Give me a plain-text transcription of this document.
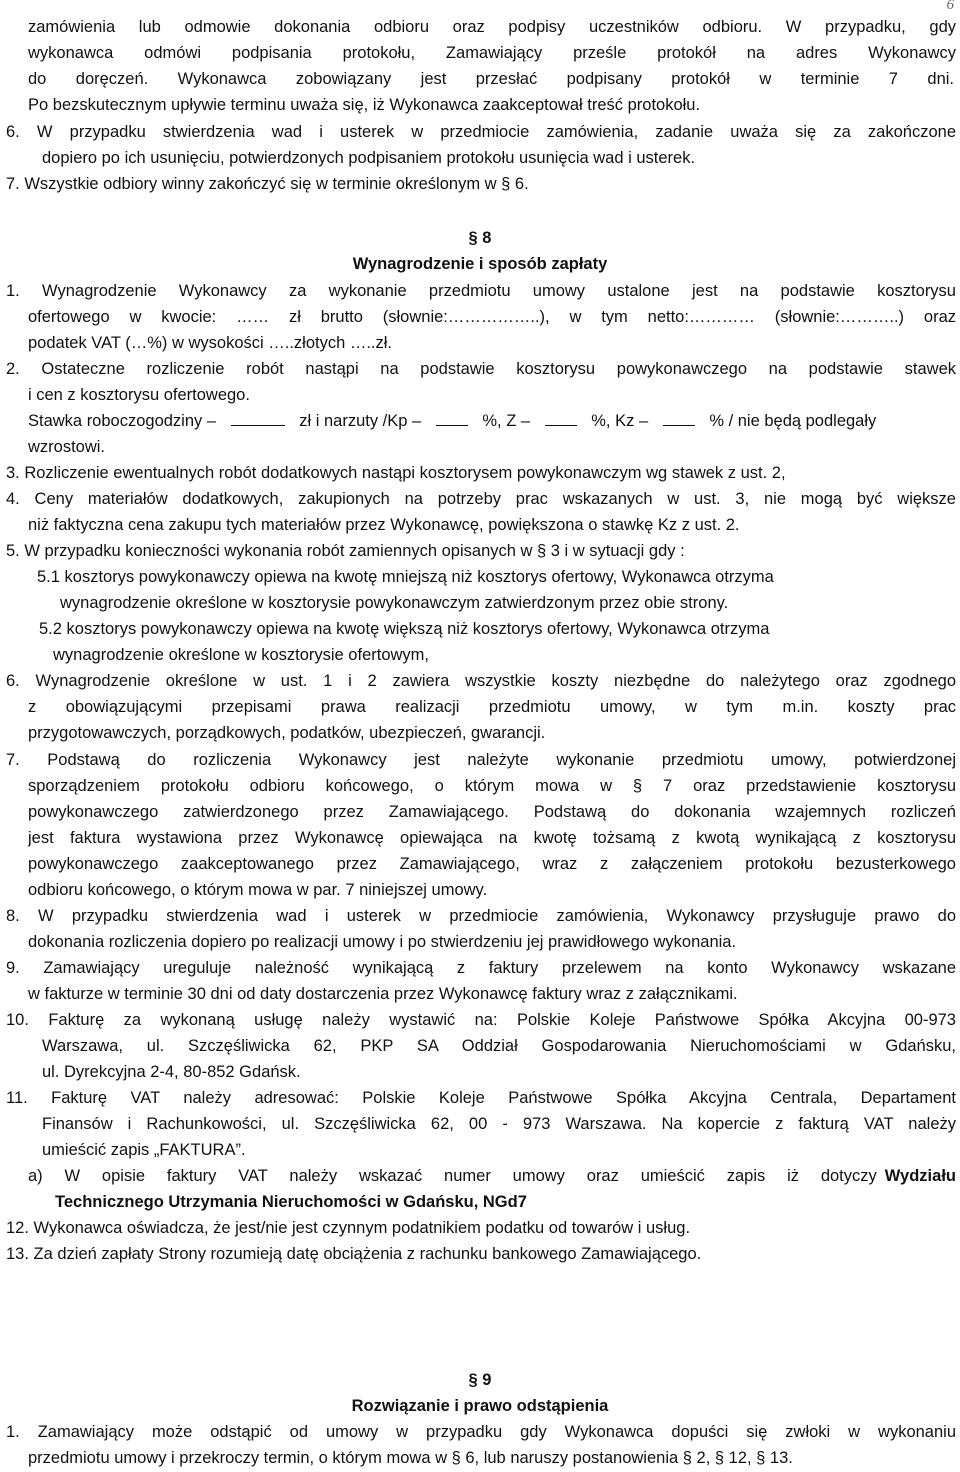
6
zamówienia lub odmowie dokonania odbioru oraz podpisy uczestników odbioru. W przypadku, gdy
wykonawca odmówi podpisania protokołu, Zamawiający prześle protokół na adres Wykonawcy
do doręczeń. Wykonawca zobowiązany jest przesłać podpisany protokół w terminie 7 dni.
Po bezskutecznym upływie terminu uważa się, iż Wykonawca zaakceptował treść protokołu.
6. W przypadku stwierdzenia wad i usterek w przedmiocie zamówienia, zadanie uważa się za zakończone
dopiero po ich usunięciu, potwierdzonych podpisaniem protokołu usunięcia wad i usterek.
7. Wszystkie odbiory winny zakończyć się w terminie określonym w § 6.
§ 8
Wynagrodzenie i sposób zapłaty
1. Wynagrodzenie Wykonawcy za wykonanie przedmiotu umowy ustalone jest na podstawie kosztorysu
ofertowego w kwocie: …… zł brutto (słownie:……………..), w tym netto:………… (słownie:………..) oraz
podatek VAT (…%) w wysokości …..złotych …..zł.
2. Ostateczne rozliczenie robót nastąpi na podstawie kosztorysu powykonawczego na podstawie stawek
i cen z kosztorysu ofertowego.
Stawka roboczogodziny –	zł i narzuty /Kp –	%, Z –	%, Kz –	% / nie będą podlegały
wzrostowi.
3. Rozliczenie ewentualnych robót dodatkowych nastąpi kosztorysem powykonawczym wg stawek z ust. 2,
4. Ceny materiałów dodatkowych, zakupionych na potrzeby prac wskazanych w ust. 3, nie mogą być większe
niż faktyczna cena zakupu tych materiałów przez Wykonawcę, powiększona o stawkę Kz z ust. 2.
5. W przypadku konieczności wykonania robót zamiennych opisanych w § 3 i w sytuacji gdy :
5.1 kosztorys powykonawczy opiewa na kwotę mniejszą niż kosztorys ofertowy, Wykonawca otrzyma
wynagrodzenie określone w kosztorysie powykonawczym zatwierdzonym przez obie strony.
5.2 kosztorys powykonawczy opiewa na kwotę większą niż kosztorys ofertowy, Wykonawca otrzyma
wynagrodzenie określone w kosztorysie ofertowym,
6. Wynagrodzenie określone w ust. 1 i 2 zawiera wszystkie koszty niezbędne do należytego oraz zgodnego
z obowiązującymi przepisami prawa realizacji przedmiotu umowy, w tym m.in. koszty prac
przygotowawczych, porządkowych, podatków, ubezpieczeń, gwarancji.
7. Podstawą do rozliczenia Wykonawcy jest należyte wykonanie przedmiotu umowy, potwierdzonej
sporządzeniem protokołu odbioru końcowego, o którym mowa w § 7 oraz przedstawienie kosztorysu
powykonawczego zatwierdzonego przez Zamawiającego. Podstawą do dokonania wzajemnych rozliczeń
jest faktura wystawiona przez Wykonawcę opiewająca na kwotę tożsamą z kwotą wynikającą z kosztorysu
powykonawczego zaakceptowanego przez Zamawiającego, wraz z załączeniem protokołu bezusterkowego
odbioru końcowego, o którym mowa w par. 7 niniejszej umowy.
8. W przypadku stwierdzenia wad i usterek w przedmiocie zamówienia, Wykonawcy przysługuje prawo do
dokonania rozliczenia dopiero po realizacji umowy i po stwierdzeniu jej prawidłowego wykonania.
9. Zamawiający ureguluje należność wynikającą z faktury przelewem na konto Wykonawcy wskazane
w fakturze w terminie 30 dni od daty dostarczenia przez Wykonawcę faktury wraz z załącznikami.
10. Fakturę za wykonaną usługę należy wystawić na: Polskie Koleje Państwowe Spółka Akcyjna 00-973
Warszawa, ul. Szczęśliwicka 62, PKP SA Oddział Gospodarowania Nieruchomościami w Gdańsku,
ul. Dyrekcyjna 2-4, 80-852 Gdańsk.
11. Fakturę VAT należy adresować: Polskie Koleje Państwowe Spółka Akcyjna Centrala, Departament
Finansów i Rachunkowości, ul. Szczęśliwicka 62, 00 - 973 Warszawa. Na kopercie z fakturą VAT należy
umieścić zapis „FAKTURA”.
a) W opisie faktury VAT należy wskazać numer umowy oraz umieścić zapis iż dotyczy Wydziału
Technicznego Utrzymania Nieruchomości w Gdańsku, NGd7
12. Wykonawca oświadcza, że jest/nie jest czynnym podatnikiem podatku od towarów i usług.
13. Za dzień zapłaty Strony rozumieją datę obciążenia z rachunku bankowego Zamawiającego.
§ 9
Rozwiązanie i prawo odstąpienia
1. Zamawiający może odstąpić od umowy w przypadku gdy Wykonawca dopuści się zwłoki w wykonaniu
przedmiotu umowy i przekroczy termin, o którym mowa w § 6, lub naruszy postanowienia § 2, § 12, § 13.
